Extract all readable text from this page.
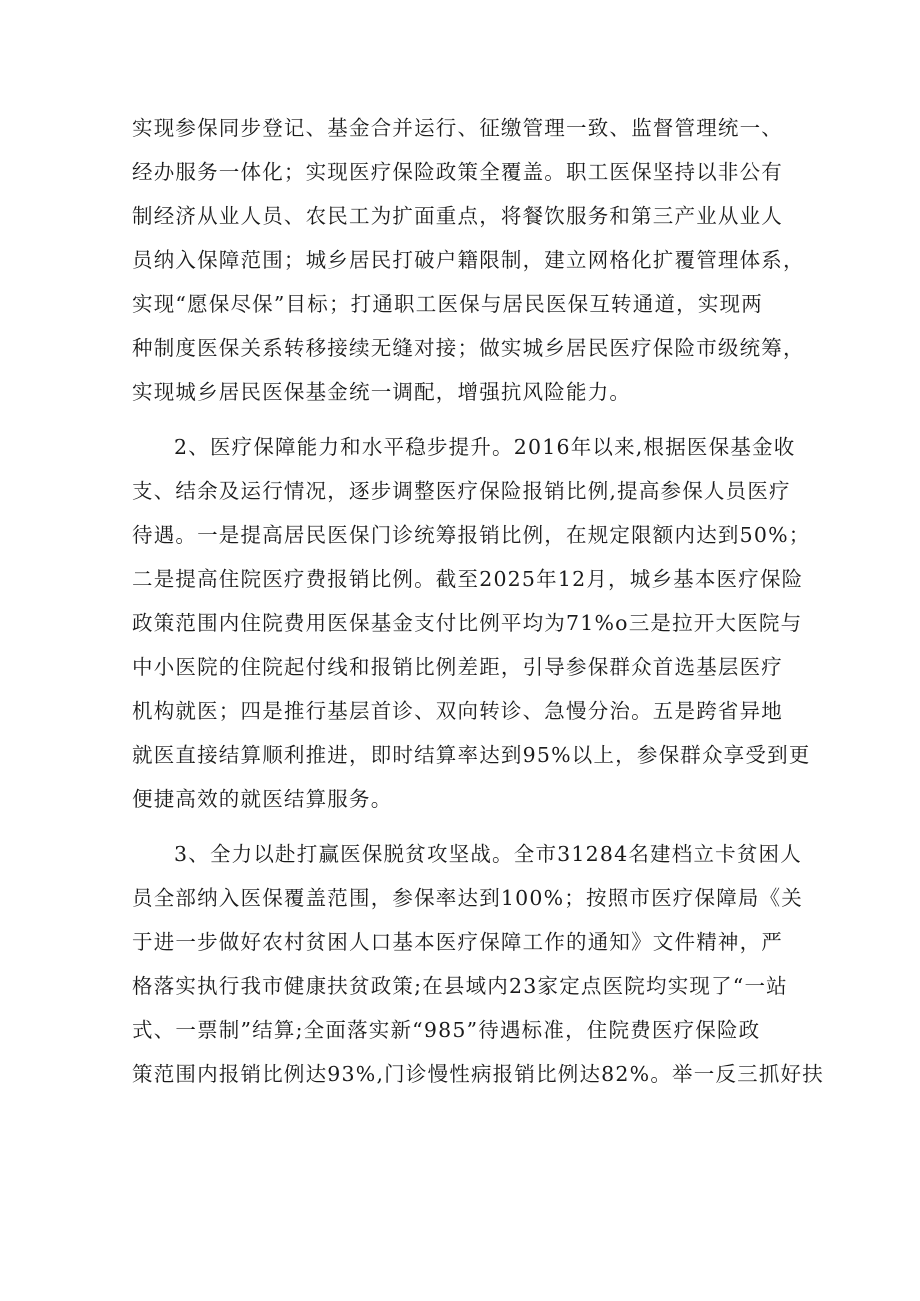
实现参保同步登记、基金合并运行、征缴管理一致、监督管理统一、
经办服务一体化；实现医疗保险政策全覆盖。职工医保坚持以非公有
制经济从业人员、农民工为扩面重点，将餐饮服务和第三产业从业人
员纳入保障范围；城乡居民打破户籍限制，建立网格化扩覆管理体系，
实现“愿保尽保”目标；打通职工医保与居民医保互转通道，实现两
种制度医保关系转移接续无缝对接；做实城乡居民医疗保险市级统筹，
实现城乡居民医保基金统一调配，增强抗风险能力。
2、医疗保障能力和水平稳步提升。2016年以来,根据医保基金收
支、结余及运行情况，逐步调整医疗保险报销比例,提高参保人员医疗
待遇。一是提高居民医保门诊统筹报销比例，在规定限额内达到50%；
二是提高住院医疗费报销比例。截至2025年12月，城乡基本医疗保险
政策范围内住院费用医保基金支付比例平均为71%o三是拉开大医院与
中小医院的住院起付线和报销比例差距，引导参保群众首选基层医疗
机构就医；四是推行基层首诊、双向转诊、急慢分治。五是跨省异地
就医直接结算顺利推进，即时结算率达到95%以上，参保群众享受到更
便捷高效的就医结算服务。
3、全力以赴打赢医保脱贫攻坚战。全市31284名建档立卡贫困人
员全部纳入医保覆盖范围，参保率达到100%；按照市医疗保障局《关
于进一步做好农村贫困人口基本医疗保障工作的通知》文件精神，严
格落实执行我市健康扶贫政策;在县域内23家定点医院均实现了“一站
式、一票制”结算;全面落实新“985”待遇标准，住院费医疗保险政
策范围内报销比例达93%,门诊慢性病报销比例达82%。举一反三抓好扶
